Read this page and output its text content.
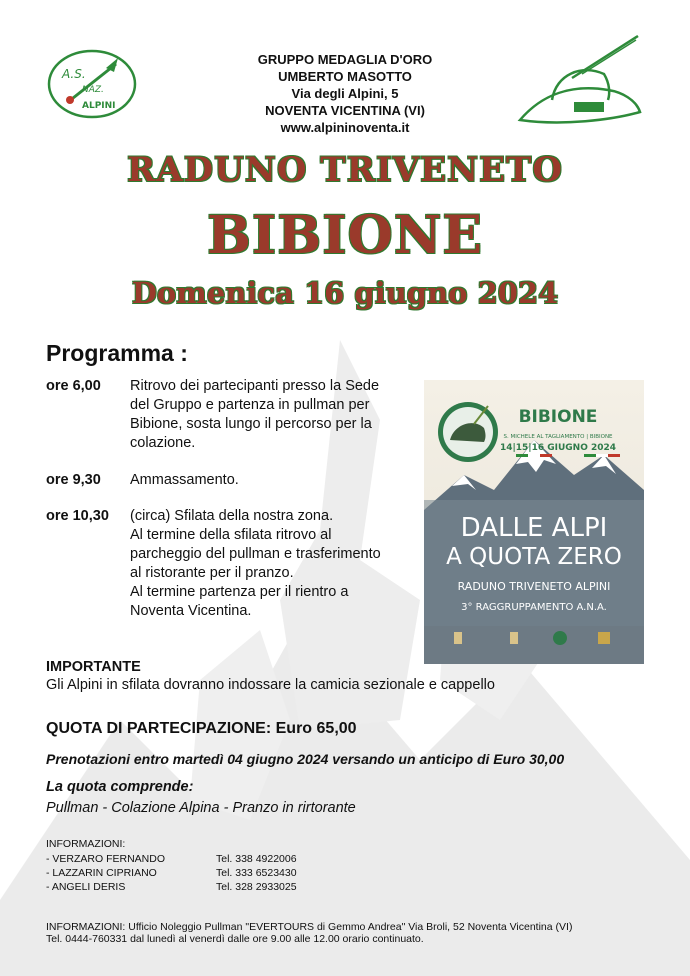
A.S.
NAZ.
ALPINI
GRUPPO MEDAGLIA D'ORO
UMBERTO MASOTTO
Via degli Alpini, 5
NOVENTA VICENTINA (VI)
www.alpininoventa.it
RADUNO TRIVENETO
BIBIONE
Domenica 16 giugno 2024
Programma :
ore 6,00 Ritrovo dei partecipanti presso la Sede
del Gruppo e partenza in pullman per
Bibione, sosta lungo il percorso per la
colazione.
ore 9,30 Ammassamento.
ore 10,30 (circa) Sfilata della nostra zona.
Al termine della sfilata ritrovo al
parcheggio del pullman e trasferimento
al ristorante per il pranzo.
Al termine partenza per il rientro a
Noventa Vicentina.
BIBIONE
S. MICHELE AL TAGLIAMENTO | BIBIONE
14|15|16 GIUGNO 2024
DALLE ALPI
A QUOTA ZERO
RADUNO TRIVENETO ALPINI
3° RAGGRUPPAMENTO A.N.A.
IMPORTANTE
Gli Alpini in sfilata dovranno indossare la camicia sezionale e cappello
QUOTA DI PARTECIPAZIONE: Euro 65,00
Prenotazioni entro martedì 04 giugno 2024 versando un anticipo di Euro 30,00
La quota comprende:
Pullman - Colazione Alpina - Pranzo in rirtorante
INFORMAZIONI:
- VERZARO FERNANDO	Tel. 338 4922006
- LAZZARIN CIPRIANO	Tel. 333 6523430
- ANGELI DERIS	Tel. 328 2933025
INFORMAZIONI: Ufficio Noleggio Pullman "EVERTOURS di Gemmo Andrea" Via Broli, 52 Noventa Vicentina (VI)
Tel. 0444-760331 dal lunedì al venerdì dalle ore 9.00 alle 12.00 orario continuato.
